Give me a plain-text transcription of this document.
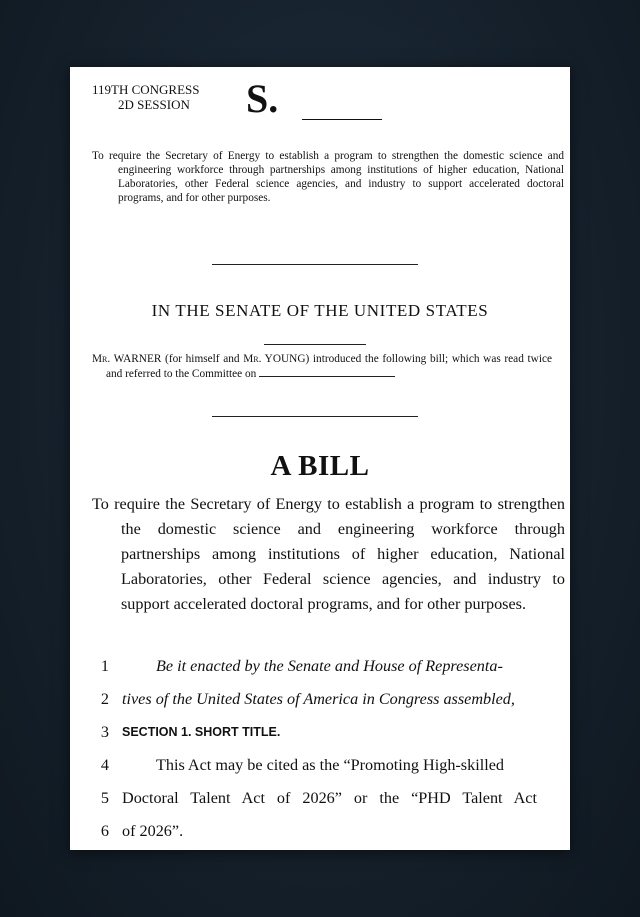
119TH CONGRESS
2D SESSION S.
To require the Secretary of Energy to establish a program to strengthen the domestic science and engineering workforce through partnerships among institutions of higher education, National Laboratories, other Federal science agencies, and industry to support accelerated doctoral programs, and for other purposes.
IN THE SENATE OF THE UNITED STATES
Mr. WARNER (for himself and Mr. YOUNG) introduced the following bill; which was read twice and referred to the Committee on
A BILL
To require the Secretary of Energy to establish a program to strengthen the domestic science and engineering workforce through partnerships among institutions of higher education, National Laboratories, other Federal science agencies, and industry to support accelerated doctoral programs, and for other purposes.
1	Be it enacted by the Senate and House of Representa-
2 tives of the United States of America in Congress assembled,
3 SECTION 1. SHORT TITLE.
4	This Act may be cited as the “Promoting High-skilled
5 Doctoral Talent Act of 2026” or the “PHD Talent Act
6 of 2026”.
